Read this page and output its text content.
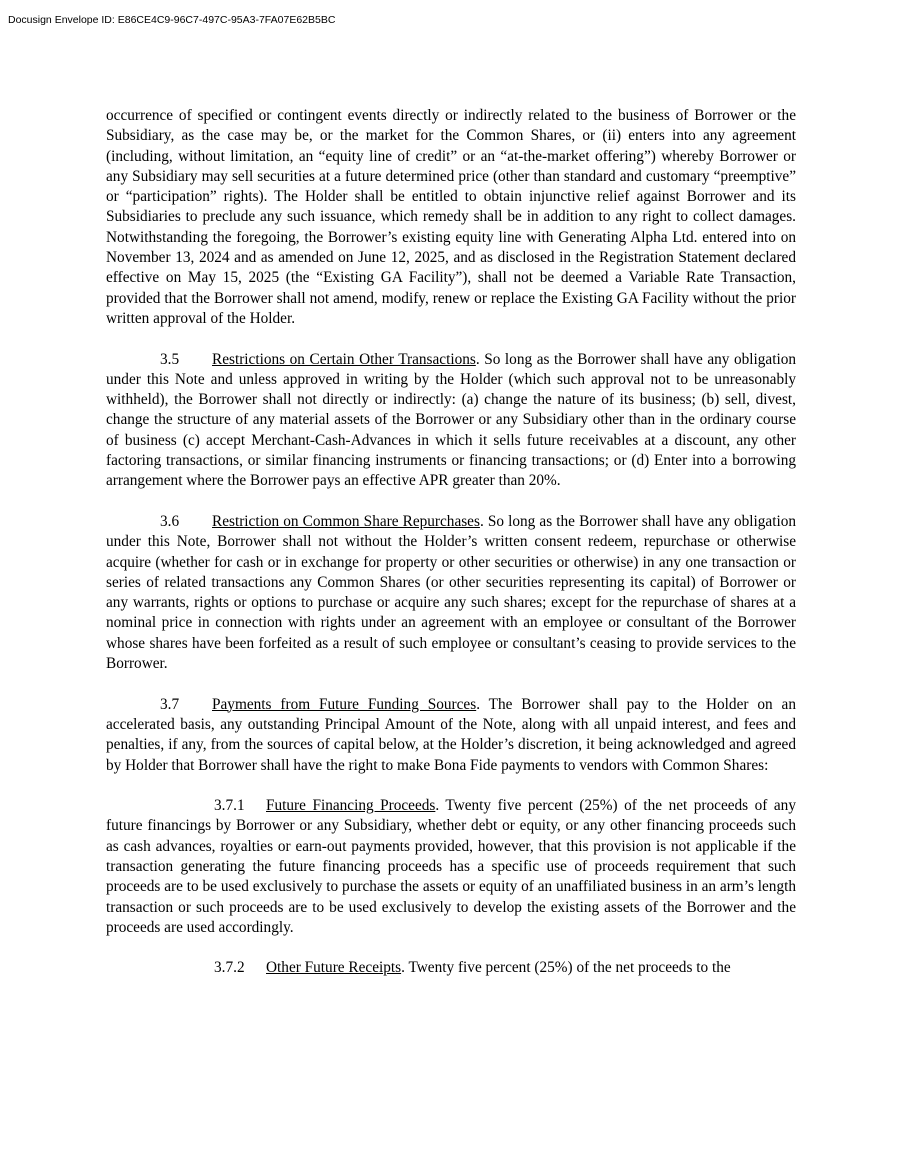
Docusign Envelope ID: E86CE4C9-96C7-497C-95A3-7FA07E62B5BC

occurrence of specified or contingent events directly or indirectly related to the business of Borrower or the Subsidiary, as the case may be, or the market for the Common Shares, or (ii) enters into any agreement (including, without limitation, an “equity line of credit” or an “at-the-market offering”) whereby Borrower or any Subsidiary may sell securities at a future determined price (other than standard and customary “preemptive” or “participation” rights). The Holder shall be entitled to obtain injunctive relief against Borrower and its Subsidiaries to preclude any such issuance, which remedy shall be in addition to any right to collect damages. Notwithstanding the foregoing, the Borrower’s existing equity line with Generating Alpha Ltd. entered into on November 13, 2024 and as amended on June 12, 2025, and as disclosed in the Registration Statement declared effective on May 15, 2025 (the “Existing GA Facility”), shall not be deemed a Variable Rate Transaction, provided that the Borrower shall not amend, modify, renew or replace the Existing GA Facility without the prior written approval of the Holder.

3.5 Restrictions on Certain Other Transactions. So long as the Borrower shall have any obligation under this Note and unless approved in writing by the Holder (which such approval not to be unreasonably withheld), the Borrower shall not directly or indirectly: (a) change the nature of its business; (b) sell, divest, change the structure of any material assets of the Borrower or any Subsidiary other than in the ordinary course of business (c) accept Merchant-Cash-Advances in which it sells future receivables at a discount, any other factoring transactions, or similar financing instruments or financing transactions; or (d) Enter into a borrowing arrangement where the Borrower pays an effective APR greater than 20%.

3.6 Restriction on Common Share Repurchases. So long as the Borrower shall have any obligation under this Note, Borrower shall not without the Holder’s written consent redeem, repurchase or otherwise acquire (whether for cash or in exchange for property or other securities or otherwise) in any one transaction or series of related transactions any Common Shares (or other securities representing its capital) of Borrower or any warrants, rights or options to purchase or acquire any such shares; except for the repurchase of shares at a nominal price in connection with rights under an agreement with an employee or consultant of the Borrower whose shares have been forfeited as a result of such employee or consultant’s ceasing to provide services to the Borrower.

3.7 Payments from Future Funding Sources. The Borrower shall pay to the Holder on an accelerated basis, any outstanding Principal Amount of the Note, along with all unpaid interest, and fees and penalties, if any, from the sources of capital below, at the Holder’s discretion, it being acknowledged and agreed by Holder that Borrower shall have the right to make Bona Fide payments to vendors with Common Shares:

3.7.1 Future Financing Proceeds. Twenty five percent (25%) of the net proceeds of any future financings by Borrower or any Subsidiary, whether debt or equity, or any other financing proceeds such as cash advances, royalties or earn-out payments provided, however, that this provision is not applicable if the transaction generating the future financing proceeds has a specific use of proceeds requirement that such proceeds are to be used exclusively to purchase the assets or equity of an unaffiliated business in an arm’s length transaction or such proceeds are to be used exclusively to develop the existing assets of the Borrower and the proceeds are used accordingly.

3.7.2 Other Future Receipts. Twenty five percent (25%) of the net proceeds to the
